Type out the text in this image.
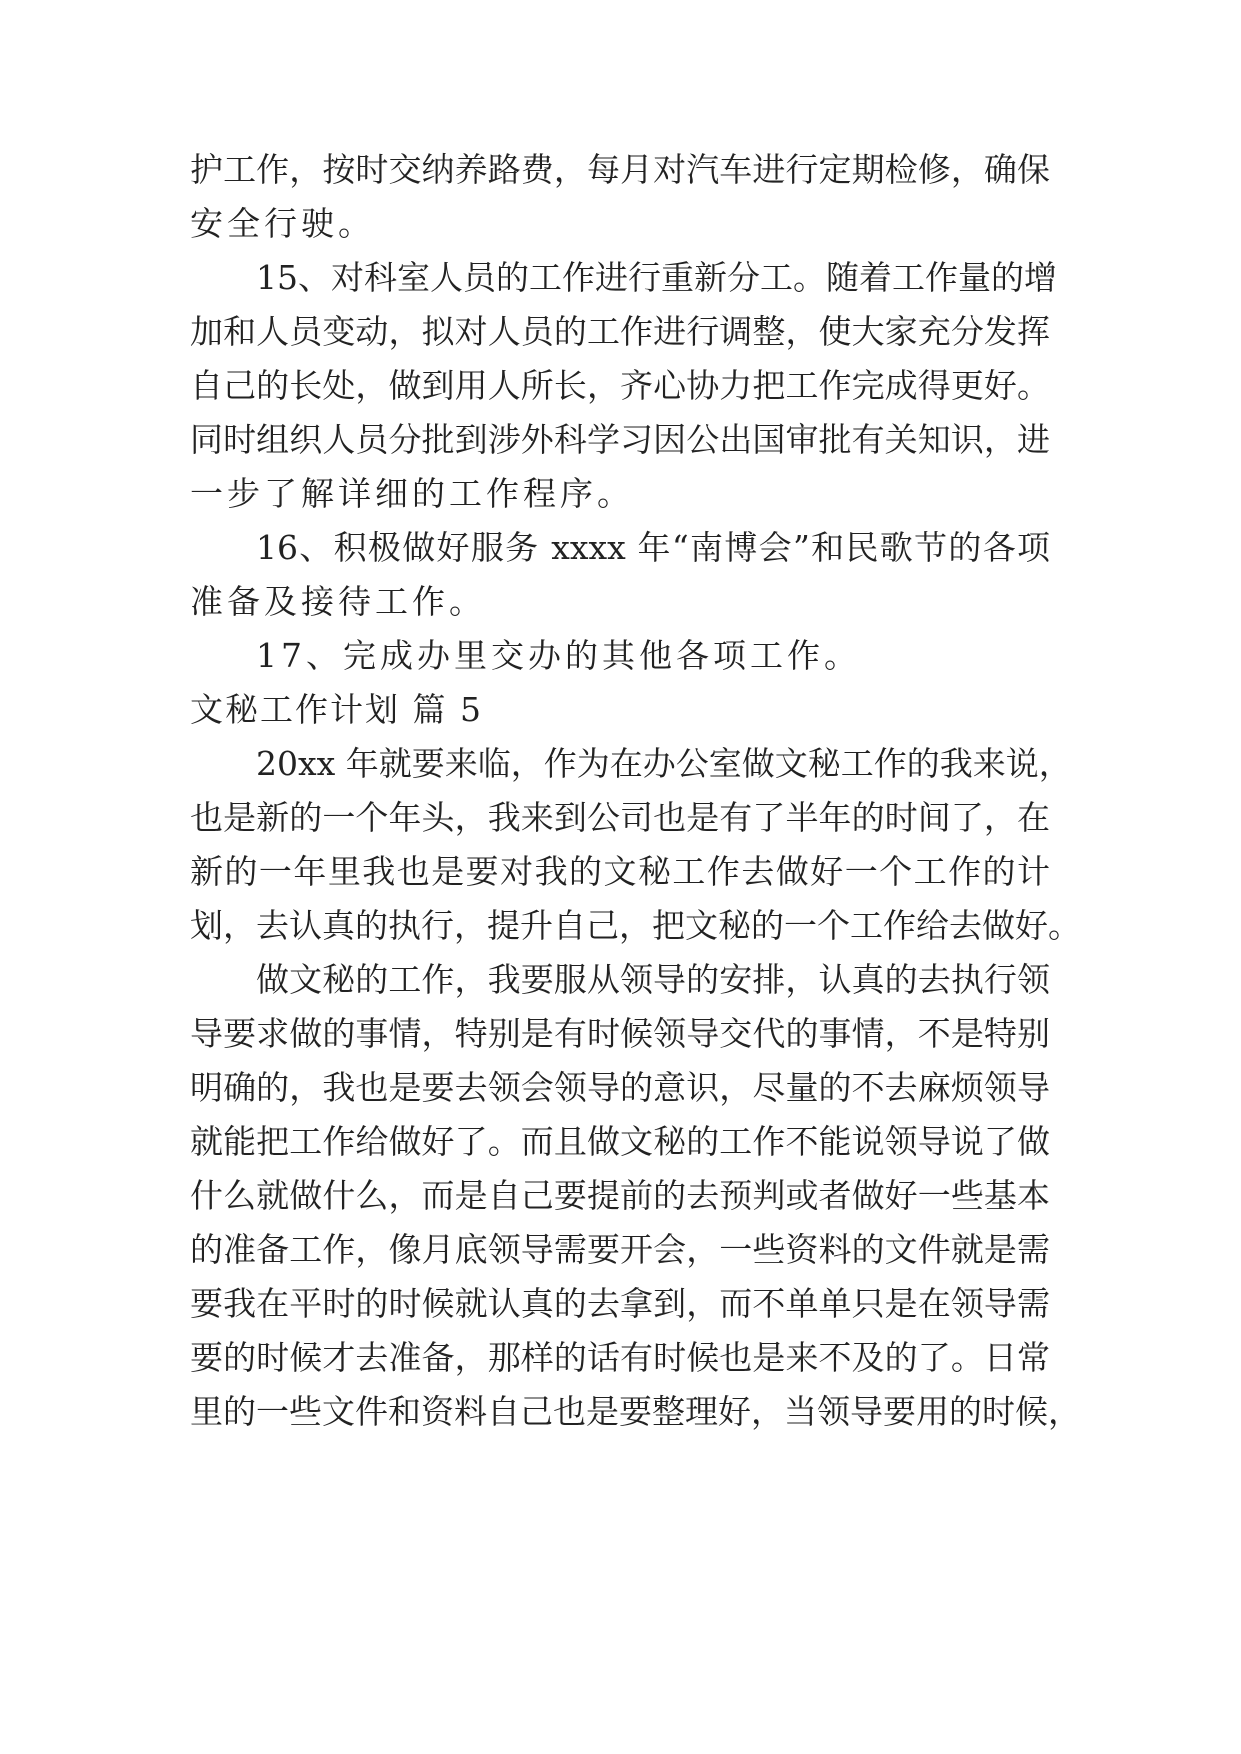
护工作，按时交纳养路费，每月对汽车进行定期检修，确保
安全行驶。
15、对科室人员的工作进行重新分工。随着工作量的增
加和人员变动，拟对人员的工作进行调整，使大家充分发挥
自己的长处，做到用人所长，齐心协力把工作完成得更好。
同时组织人员分批到涉外科学习因公出国审批有关知识，进
一步了解详细的工作程序。
16、积极做好服务 xxxx 年“南博会”和民歌节的各项
准备及接待工作。
17、完成办里交办的其他各项工作。
文秘工作计划 篇 5
20xx 年就要来临，作为在办公室做文秘工作的我来说，
也是新的一个年头，我来到公司也是有了半年的时间了，在
新的一年里我也是要对我的文秘工作去做好一个工作的计
划，去认真的执行，提升自己，把文秘的一个工作给去做好。
做文秘的工作，我要服从领导的安排，认真的去执行领
导要求做的事情，特别是有时候领导交代的事情，不是特别
明确的，我也是要去领会领导的意识，尽量的不去麻烦领导
就能把工作给做好了。而且做文秘的工作不能说领导说了做
什么就做什么，而是自己要提前的去预判或者做好一些基本
的准备工作，像月底领导需要开会，一些资料的文件就是需
要我在平时的时候就认真的去拿到，而不单单只是在领导需
要的时候才去准备，那样的话有时候也是来不及的了。日常
里的一些文件和资料自己也是要整理好，当领导要用的时候，
